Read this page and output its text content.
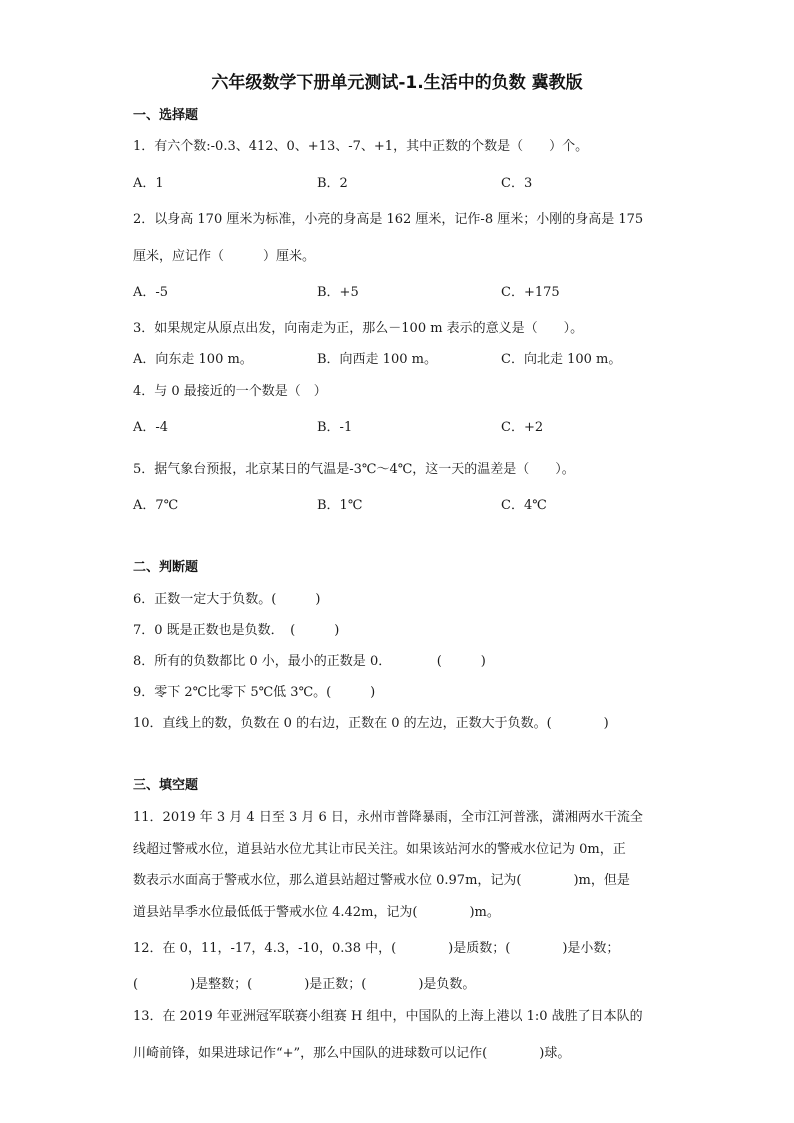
六年级数学下册单元测试-1.生活中的负数 冀教版
一、选择题
1．有六个数:-0.3、412、0、+13、-7、+1，其中正数的个数是（　　）个。
A．1	B．2	C．3
2．以身高 170 厘米为标准，小亮的身高是 162 厘米，记作-8 厘米；小刚的身高是 175
厘米，应记作（　　　）厘米。
A．-5	B．+5	C．+175
3．如果规定从原点出发，向南走为正，那么－100 m 表示的意义是（　　）。
A．向东走 100 m。	B．向西走 100 m。	C．向北走 100 m。
4．与 0 最接近的一个数是（　）
A．-4	B．-1	C．+2
5．据气象台预报，北京某日的气温是-3℃～4℃，这一天的温差是（　　）。
A．7℃	B．1℃	C．4℃
二、判断题
6．正数一定大于负数。(　　　)
7．0 既是正数也是负数．　(　　　)
8．所有的负数都比 0 小，最小的正数是 0．　　　　(　　　)
9．零下 2℃比零下 5℃低 3℃。(　　　)
10．直线上的数，负数在 0 的右边，正数在 0 的左边，正数大于负数。(　　　　)
三、填空题
11．2019 年 3 月 4 日至 3 月 6 日，永州市普降暴雨，全市江河普涨，潇湘两水干流全
线超过警戒水位，道县站水位尤其让市民关注。如果该站河水的警戒水位记为 0m，正
数表示水面高于警戒水位，那么道县站超过警戒水位 0.97m，记为(　　　　)m，但是
道县站旱季水位最低低于警戒水位 4.42m，记为(　　　　)m。
12．在 0，11，-17，4.3，-10，0.38 中，(　　　　)是质数；(　　　　)是小数；
(　　　　)是整数；(　　　　)是正数；(　　　　)是负数。
13．在 2019 年亚洲冠军联赛小组赛 H 组中，中国队的上海上港以 1:0 战胜了日本队的
川崎前锋，如果进球记作“+”，那么中国队的进球数可以记作(　　　　)球。
